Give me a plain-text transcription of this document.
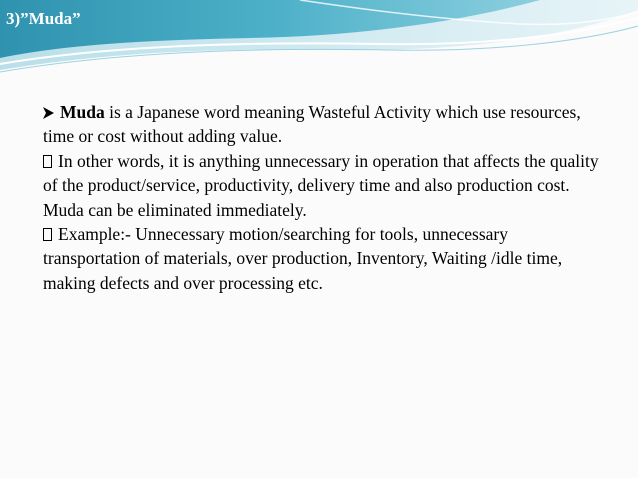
3)”Muda”

Muda is a Japanese word meaning Wasteful Activity which use resources, time or cost without adding value.

In other words, it is anything unnecessary in operation that affects the quality of the product/service, productivity, delivery time and also production cost. Muda can be eliminated immediately.

Example:- Unnecessary motion/searching for tools, unnecessary transportation of materials, over production, Inventory, Waiting /idle time, making defects and over processing etc.
